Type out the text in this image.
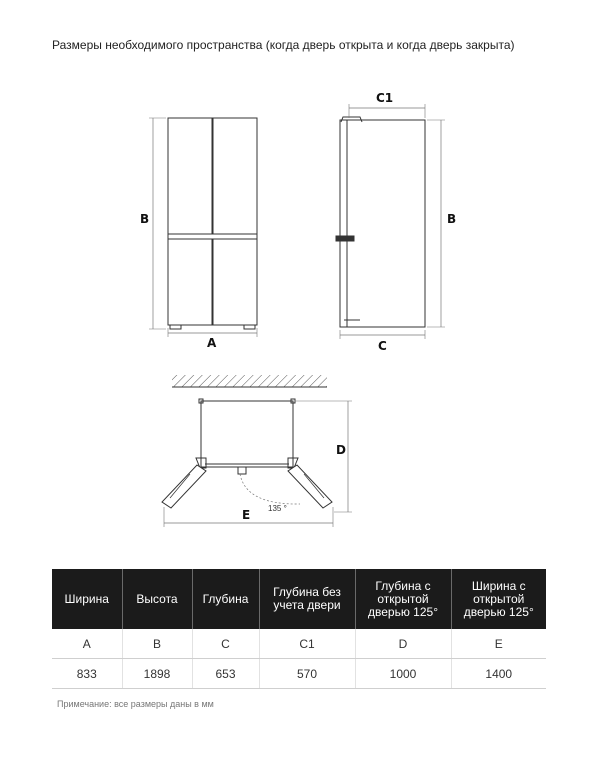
Размеры необходимого пространства (когда дверь открыта и когда дверь закрыта)
B
A
C1
B
C
D
E 135 °
Ширина	Высота	Глубина	Глубина без учета двери	Глубина с открытой дверью 125°	Ширина с открытой дверью 125°
A	B	C	C1	D	E
833	1898	653	570	1000	1400
Примечание: все размеры даны в мм
